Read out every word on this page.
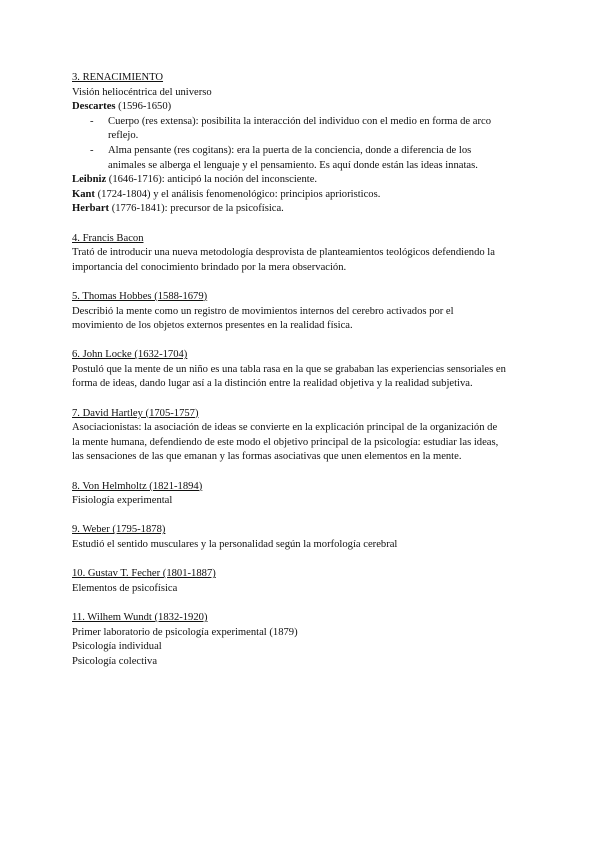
3. RENACIMIENTO
Visión heliocéntrica del universo
Descartes (1596-1650)
- Cuerpo (res extensa): posibilita la interacción del individuo con el medio en forma de arco
reflejo.
- Alma pensante (res cogitans): era la puerta de la conciencia, donde a diferencia de los
animales se alberga el lenguaje y el pensamiento. Es aquí donde están las ideas innatas.
Leibniz (1646-1716): anticipó la noción del inconsciente.
Kant (1724-1804) y el análisis fenomenológico: principios aprioristicos.
Herbart (1776-1841): precursor de la psicofísica.
4. Francis Bacon
Trató de introducir una nueva metodología desprovista de planteamientos teológicos defendiendo la
importancia del conocimiento brindado por la mera observación.
5. Thomas Hobbes (1588-1679)
Describió la mente como un registro de movimientos internos del cerebro activados por el
movimiento de los objetos externos presentes en la realidad física.
6. John Locke (1632-1704)
Postuló que la mente de un niño es una tabla rasa en la que se grababan las experiencias sensoriales en
forma de ideas, dando lugar así a la distinción entre la realidad objetiva y la realidad subjetiva.
7. David Hartley (1705-1757)
Asociacionistas: la asociación de ideas se convierte en la explicación principal de la organización de
la mente humana, defendiendo de este modo el objetivo principal de la psicología: estudiar las ideas,
las sensaciones de las que emanan y las formas asociativas que unen elementos en la mente.
8. Von Helmholtz (1821-1894)
Fisiología experimental
9. Weber (1795-1878)
Estudió el sentido musculares y la personalidad según la morfología cerebral
10. Gustav T. Fecher (1801-1887)
Elementos de psicofísica
11. Wilhem Wundt (1832-1920)
Primer laboratorio de psicología experimental (1879)
Psicología individual
Psicología colectiva
